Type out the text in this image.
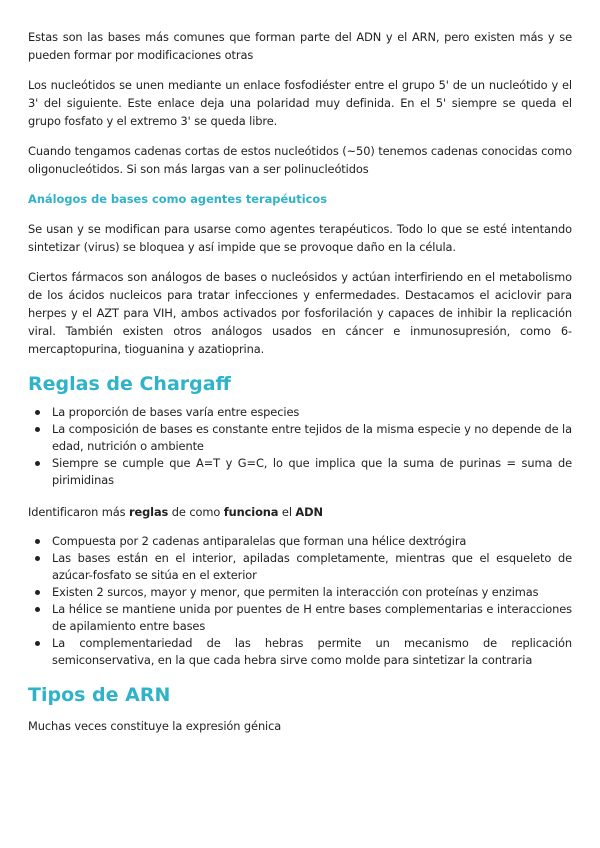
Estas son las bases más comunes que forman parte del ADN y el ARN, pero existen más y se pueden formar por modificaciones otras

Los nucleótidos se unen mediante un enlace fosfodiéster entre el grupo 5' de un nucleótido y el 3' del siguiente. Este enlace deja una polaridad muy definida. En el 5' siempre se queda el grupo fosfato y el extremo 3' se queda libre.

Cuando tengamos cadenas cortas de estos nucleótidos (~50) tenemos cadenas conocidas como oligonucleótidos. Si son más largas van a ser polinucleótidos

Análogos de bases como agentes terapéuticos

Se usan y se modifican para usarse como agentes terapéuticos. Todo lo que se esté intentando sintetizar (virus) se bloquea y así impide que se provoque daño en la célula.

Ciertos fármacos son análogos de bases o nucleósidos y actúan interfiriendo en el metabolismo de los ácidos nucleicos para tratar infecciones y enfermedades. Destacamos el aciclovir para herpes y el AZT para VIH, ambos activados por fosforilación y capaces de inhibir la replicación viral. También existen otros análogos usados en cáncer e inmunosupresión, como 6-mercaptopurina, tioguanina y azatioprina.

Reglas de Chargaff
La proporción de bases varía entre especies
La composición de bases es constante entre tejidos de la misma especie y no depende de la edad, nutrición o ambiente
Siempre se cumple que A=T y G=C, lo que implica que la suma de purinas = suma de pirimidinas

Identificaron más reglas de como funciona el ADN

Compuesta por 2 cadenas antiparalelas que forman una hélice dextrógira
Las bases están en el interior, apiladas completamente, mientras que el esqueleto de azúcar-fosfato se sitúa en el exterior
Existen 2 surcos, mayor y menor, que permiten la interacción con proteínas y enzimas
La hélice se mantiene unida por puentes de H entre bases complementarias e interacciones de apilamiento entre bases
La complementariedad de las hebras permite un mecanismo de replicación semiconservativa, en la que cada hebra sirve como molde para sintetizar la contraria
Tipos de ARN

Muchas veces constituye la expresión génica
